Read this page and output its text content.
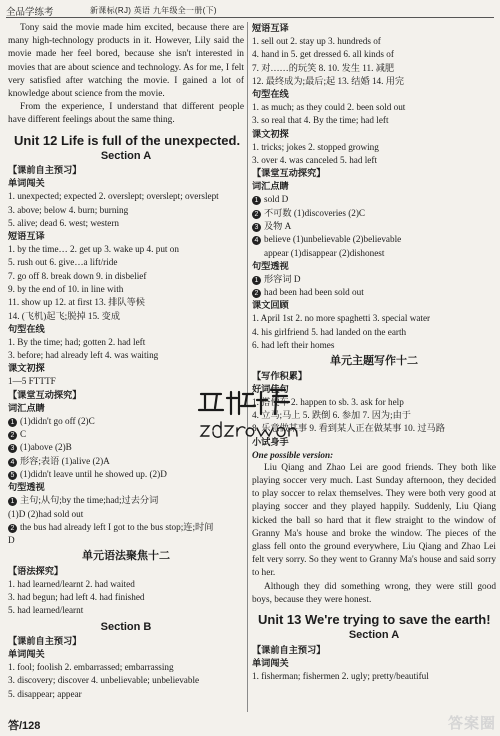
全品学练考	新课标(RJ) 英语 九年级全一册(下)

Tony said the movie made him excited, because there are many high-technology products in it. However, Lily said the movie made her feel bored, because she isn't interested in movies that are about science and technology. As for me, I felt very satisfied after watching the movie. I gained a lot of knowledge about science from the movie.

From the experience, I understand that different people have different feelings about the same thing.

Unit 12 Life is full of the unexpected.
Section A
【课前自主预习】
单词闯关
1. unexpected; expected 2. overslept; overslept; overslept
3. above; below 4. burn; burning
5. alive; dead 6. west; western
短语互译
1. by the time… 2. get up 3. wake up 4. put on
5. rush out 6. give…a lift/ride
7. go off 8. break down 9. in disbelief
9. by the end of 10. in line with
11. show up 12. at first 13. 排队等候
14. (飞机)起飞;脱掉 15. 变成
句型在线
1. By the time; had; gotten 2. had left
3. before; had already left 4. was waiting
课文初探
1—5 FTTTF
【课堂互动探究】
词汇点睛
1 (1)didn't go off (2)C
2 C
3 (1)above (2)B
4 形容;表语 (1)alive (2)A
5 (1)didn't leave until he showed up. (2)D
句型透视
1 主句;从句;by the time;had;过去分词
(1)D (2)had sold out
2 the bus had already left I got to the bus stop;连;时间
D
单元语法聚焦十二
【语法探究】
1. had learned/learnt 2. had waited
3. had begun; had left 4. had finished
5. had learned/learnt
Section B
【课前自主预习】
单词闯关
1. fool; foolish 2. embarrassed; embarrassing
3. discovery; discover 4. unbelievable; unbelievable
5. disappear; appear
短语互译
1. sell out 2. stay up 3. hundreds of
4. hand in 5. get dressed 6. all kinds of
7. 对……的玩笑 8. 10. 发生 11. 减肥
12. 最终成为;最后;起 13. 结婚 14. 用完
句型在线
1. as much; as they could 2. been sold out
3. so real that 4. By the time; had left
课文初探
1. tricks; jokes 2. stopped growing
3. over 4. was canceled 5. had left
【课堂互动探究】
词汇点睛
1 sold D
2 不可数 (1)discoveries (2)C
3 及物 A
4 believe (1)unbelievable (2)believable
appear (1)disappear (2)dishonest
句型透视
1 形容词 D
2 had been had been sold out
课文回顾
1. April 1st 2. no more spaghetti 3. special water
4. his girlfriend 5. had landed on the earth
6. had left their homes
单元主题写作十二
【写作积累】
好词佳句
1. 搭便车 2. happen to sb. 3. ask for help
4. 立马;马上 5. 跌倒 6. 参加 7. 因为;由于
8. 乐意做某事 9. 看到某人正在做某事 10. 过马路
小试身手
One possible version:

Liu Qiang and Zhao Lei are good friends. They both like playing soccer very much. Last Sunday afternoon, they decided to play soccer to relax themselves. They were both very good at playing soccer and they played happily. Suddenly, Liu Qiang kicked the ball so hard that it flew straight to the window of Granny Ma's house and broke the window. The pieces of the glass fell onto the ground everywhere, Liu Qiang and Zhao Lei felt very sorry. So they went to Granny Ma's house and said sorry to her.

Although they did something wrong, they were still good boys, because they were honest.

Unit 13 We're trying to save the earth!
Section A
【课前自主预习】
单词闯关
1. fisherman; fishermen 2. ugly; pretty/beautiful
答/128	答案圈
